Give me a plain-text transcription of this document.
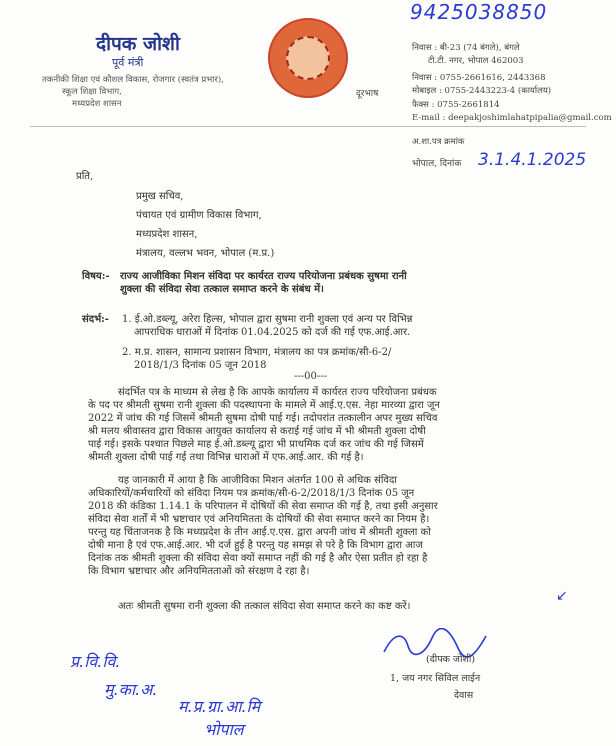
9425038850
दीपक जोशी
पूर्व मंत्री
तकनीकी शिक्षा एवं कौशल विकास, रोजगार (स्वतंत्र प्रभार),
स्कूल शिक्षा विभाग,
मध्यप्रदेश शासन
दूरभाष
निवास : बी-23 (74 बंगले), बंगले
टी.टी. नगर, भोपाल 462003
निवास : 0755-2661616, 2443368
मोबाइल : 0755-2443223-4 (कार्यालय)
फैक्स : 0755-2661814
E-mail : deepakjoshimlahatpipalia@gmail.com
अ.शा.पत्र क्रमांक
भोपाल, दिनांक 3.1.4.1.2025
प्रति,
प्रमुख सचिव,
पंचायत एवं ग्रामीण विकास विभाग,
मध्यप्रदेश शासन,
मंत्रालय, वल्लभ भवन, भोपाल (म.प्र.)
विषय:- राज्य आजीविका मिशन संविदा पर कार्यरत राज्य परियोजना प्रबंधक सुषमा रानी
शुक्ला की संविदा सेवा तत्काल समाप्त करने के संबंध में।
संदर्भ:- 1. ई.ओ.डब्ल्यू, अरेरा हिल्स, भोपाल द्वारा सुषमा रानी शुक्ला एवं अन्य पर विभिन्न
आपराधिक धाराओं में दिनांक 01.04.2025 को दर्ज की गई एफ.आई.आर.
2. म.प्र. शासन, सामान्य प्रशासन विभाग, मंत्रालय का पत्र क्रमांक/सी-6-2/
2018/1/3 दिनांक 05 जून 2018
---00---
संदर्भित पत्र के माध्यम से लेख है कि आपके कार्यालय में कार्यरत राज्य परियोजना प्रबंधक
के पद पर श्रीमती सुषमा रानी शुक्ला की पदस्थापना के मामले में आई.ए.एस. नेहा मारव्या द्वारा जून
2022 में जांच की गई जिसमें श्रीमती सुषमा दोषी पाई गई। तदोपरांत तत्कालीन अपर मुख्य सचिव
श्री मलय श्रीवास्तव द्वारा विकास आयुक्त कार्यालय से कराई गई जांच में भी श्रीमती शुक्ला दोषी
पाई गई। इसके पश्चात पिछले माह ई.ओ.डब्ल्यू द्वारा भी प्राथमिक दर्ज कर जांच की गई जिसमें
श्रीमती शुक्ला दोषी पाई गई तथा विभिन्न धाराओं में एफ.आई.आर. की गई है।
यह जानकारी में आया है कि आजीविका मिशन अंतर्गत 100 से अधिक संविदा
अधिकारियों/कर्मचारियों को संविदा नियम पत्र क्रमांक/सी-6-2/2018/1/3 दिनांक 05 जून
2018 की कंडिका 1.14.1 के परिपालन में दोषियों की सेवा समाप्त की गई है, तथा इसी अनुसार
संविदा सेवा शर्तों में भी भ्रष्टाचार एवं अनियमितता के दोषियों की सेवा समाप्त करने का नियम है।
परन्तु यह चिंताजनक है कि मध्यप्रदेश के तीन आई.ए.एस. द्वारा अपनी जांच में श्रीमती शुक्ला को
दोषी माना है एवं एफ.आई.आर. भी दर्ज हुई है परन्तु यह समझ से परे है कि विभाग द्वारा आज
दिनांक तक श्रीमती शुक्ला की संविदा सेवा क्यों समाप्त नहीं की गई है और ऐसा प्रतीत हो रहा है
कि विभाग भ्रष्टाचार और अनियमितताओं को संरक्षण दे रहा है।
अतः श्रीमती सुषमा रानी शुक्ला की तत्काल संविदा सेवा समाप्त करने का कष्ट करें।
↙
(दीपक जोशी)
1, जय नगर सिविल लाईन
देवास
प्र.वि.वि.
मु.का.अ.
म.प्र.ग्रा.आ.मि
भोपाल
